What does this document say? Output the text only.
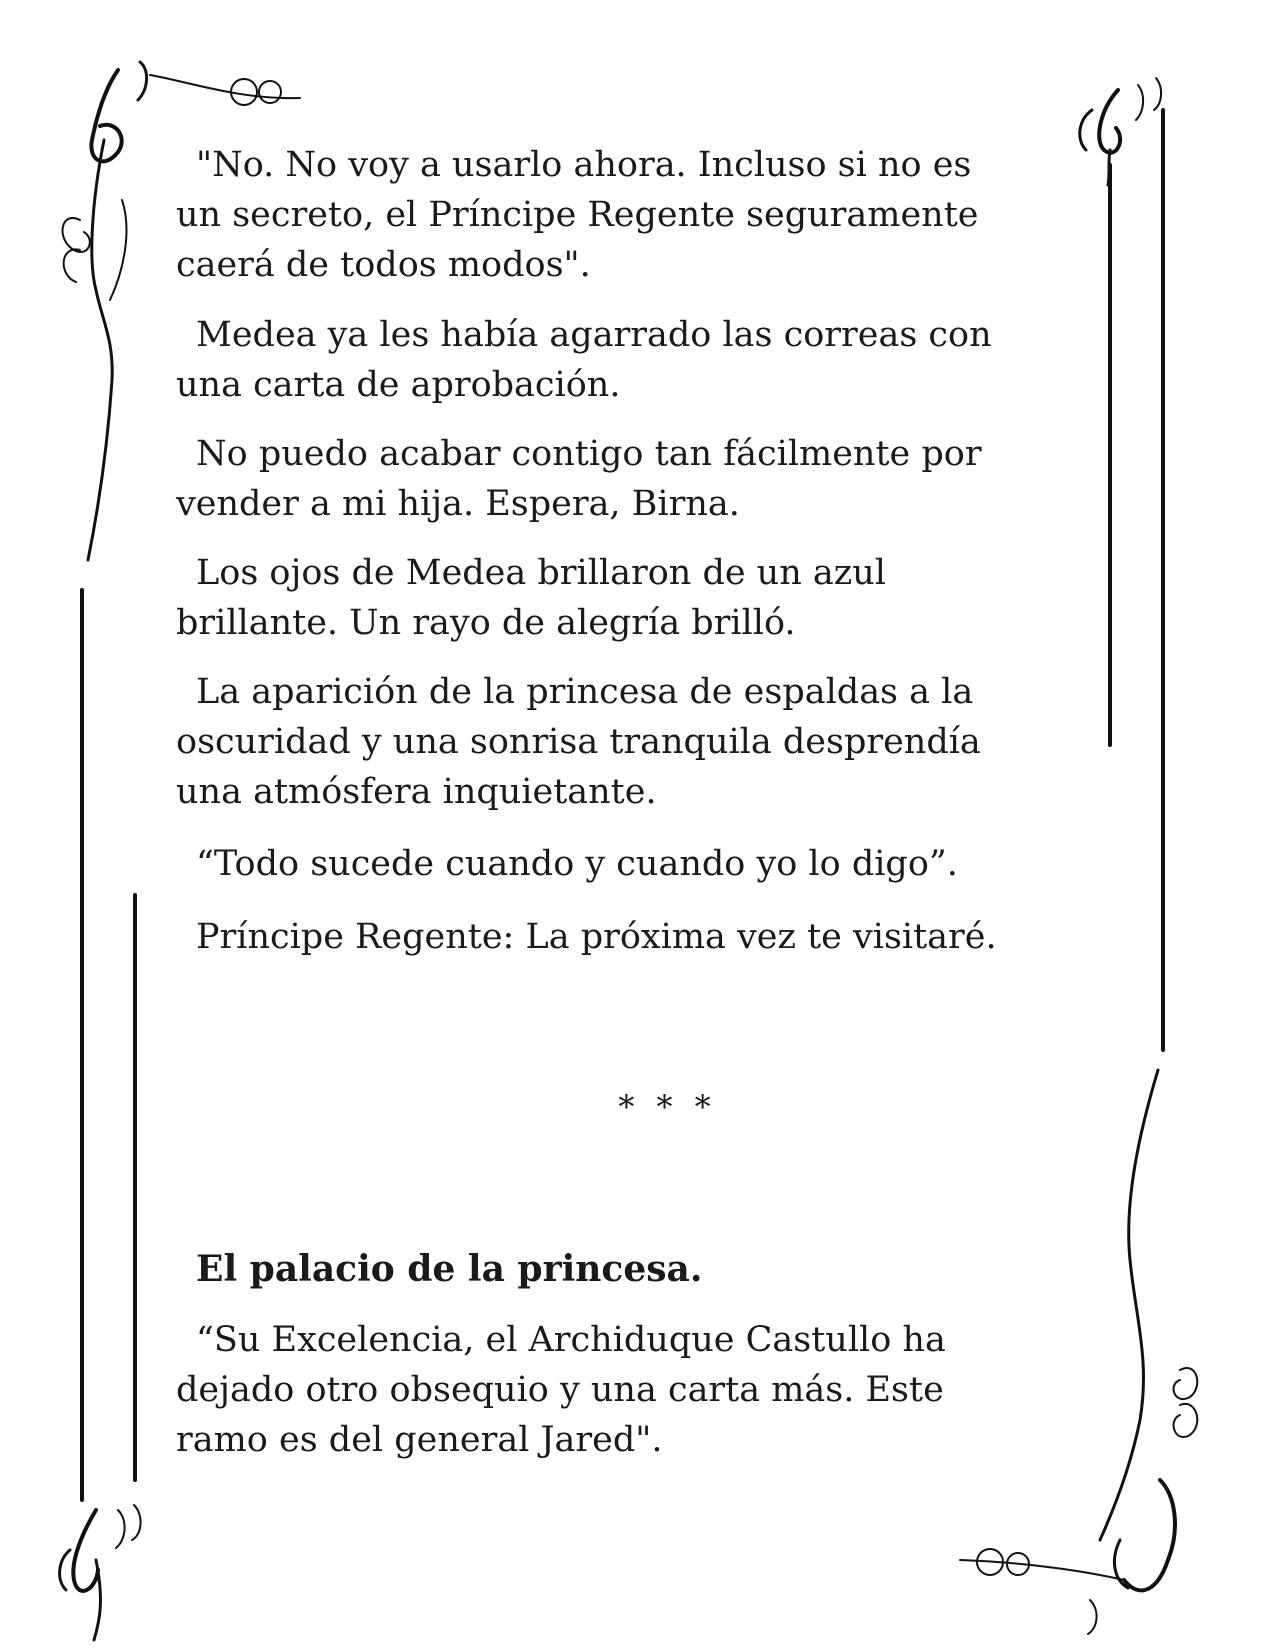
"No. No voy a usarlo ahora. Incluso si no es
un secreto, el Príncipe Regente seguramente
caerá de todos modos".

Medea ya les había agarrado las correas con
una carta de aprobación.

No puedo acabar contigo tan fácilmente por
vender a mi hija. Espera, Birna.

Los ojos de Medea brillaron de un azul
brillante. Un rayo de alegría brilló.

La aparición de la princesa de espaldas a la
oscuridad y una sonrisa tranquila desprendía
una atmósfera inquietante.

“Todo sucede cuando y cuando yo lo digo”.

Príncipe Regente: La próxima vez te visitaré.

* * *

El palacio de la princesa.

“Su Excelencia, el Archiduque Castullo ha
dejado otro obsequio y una carta más. Este
ramo es del general Jared".
